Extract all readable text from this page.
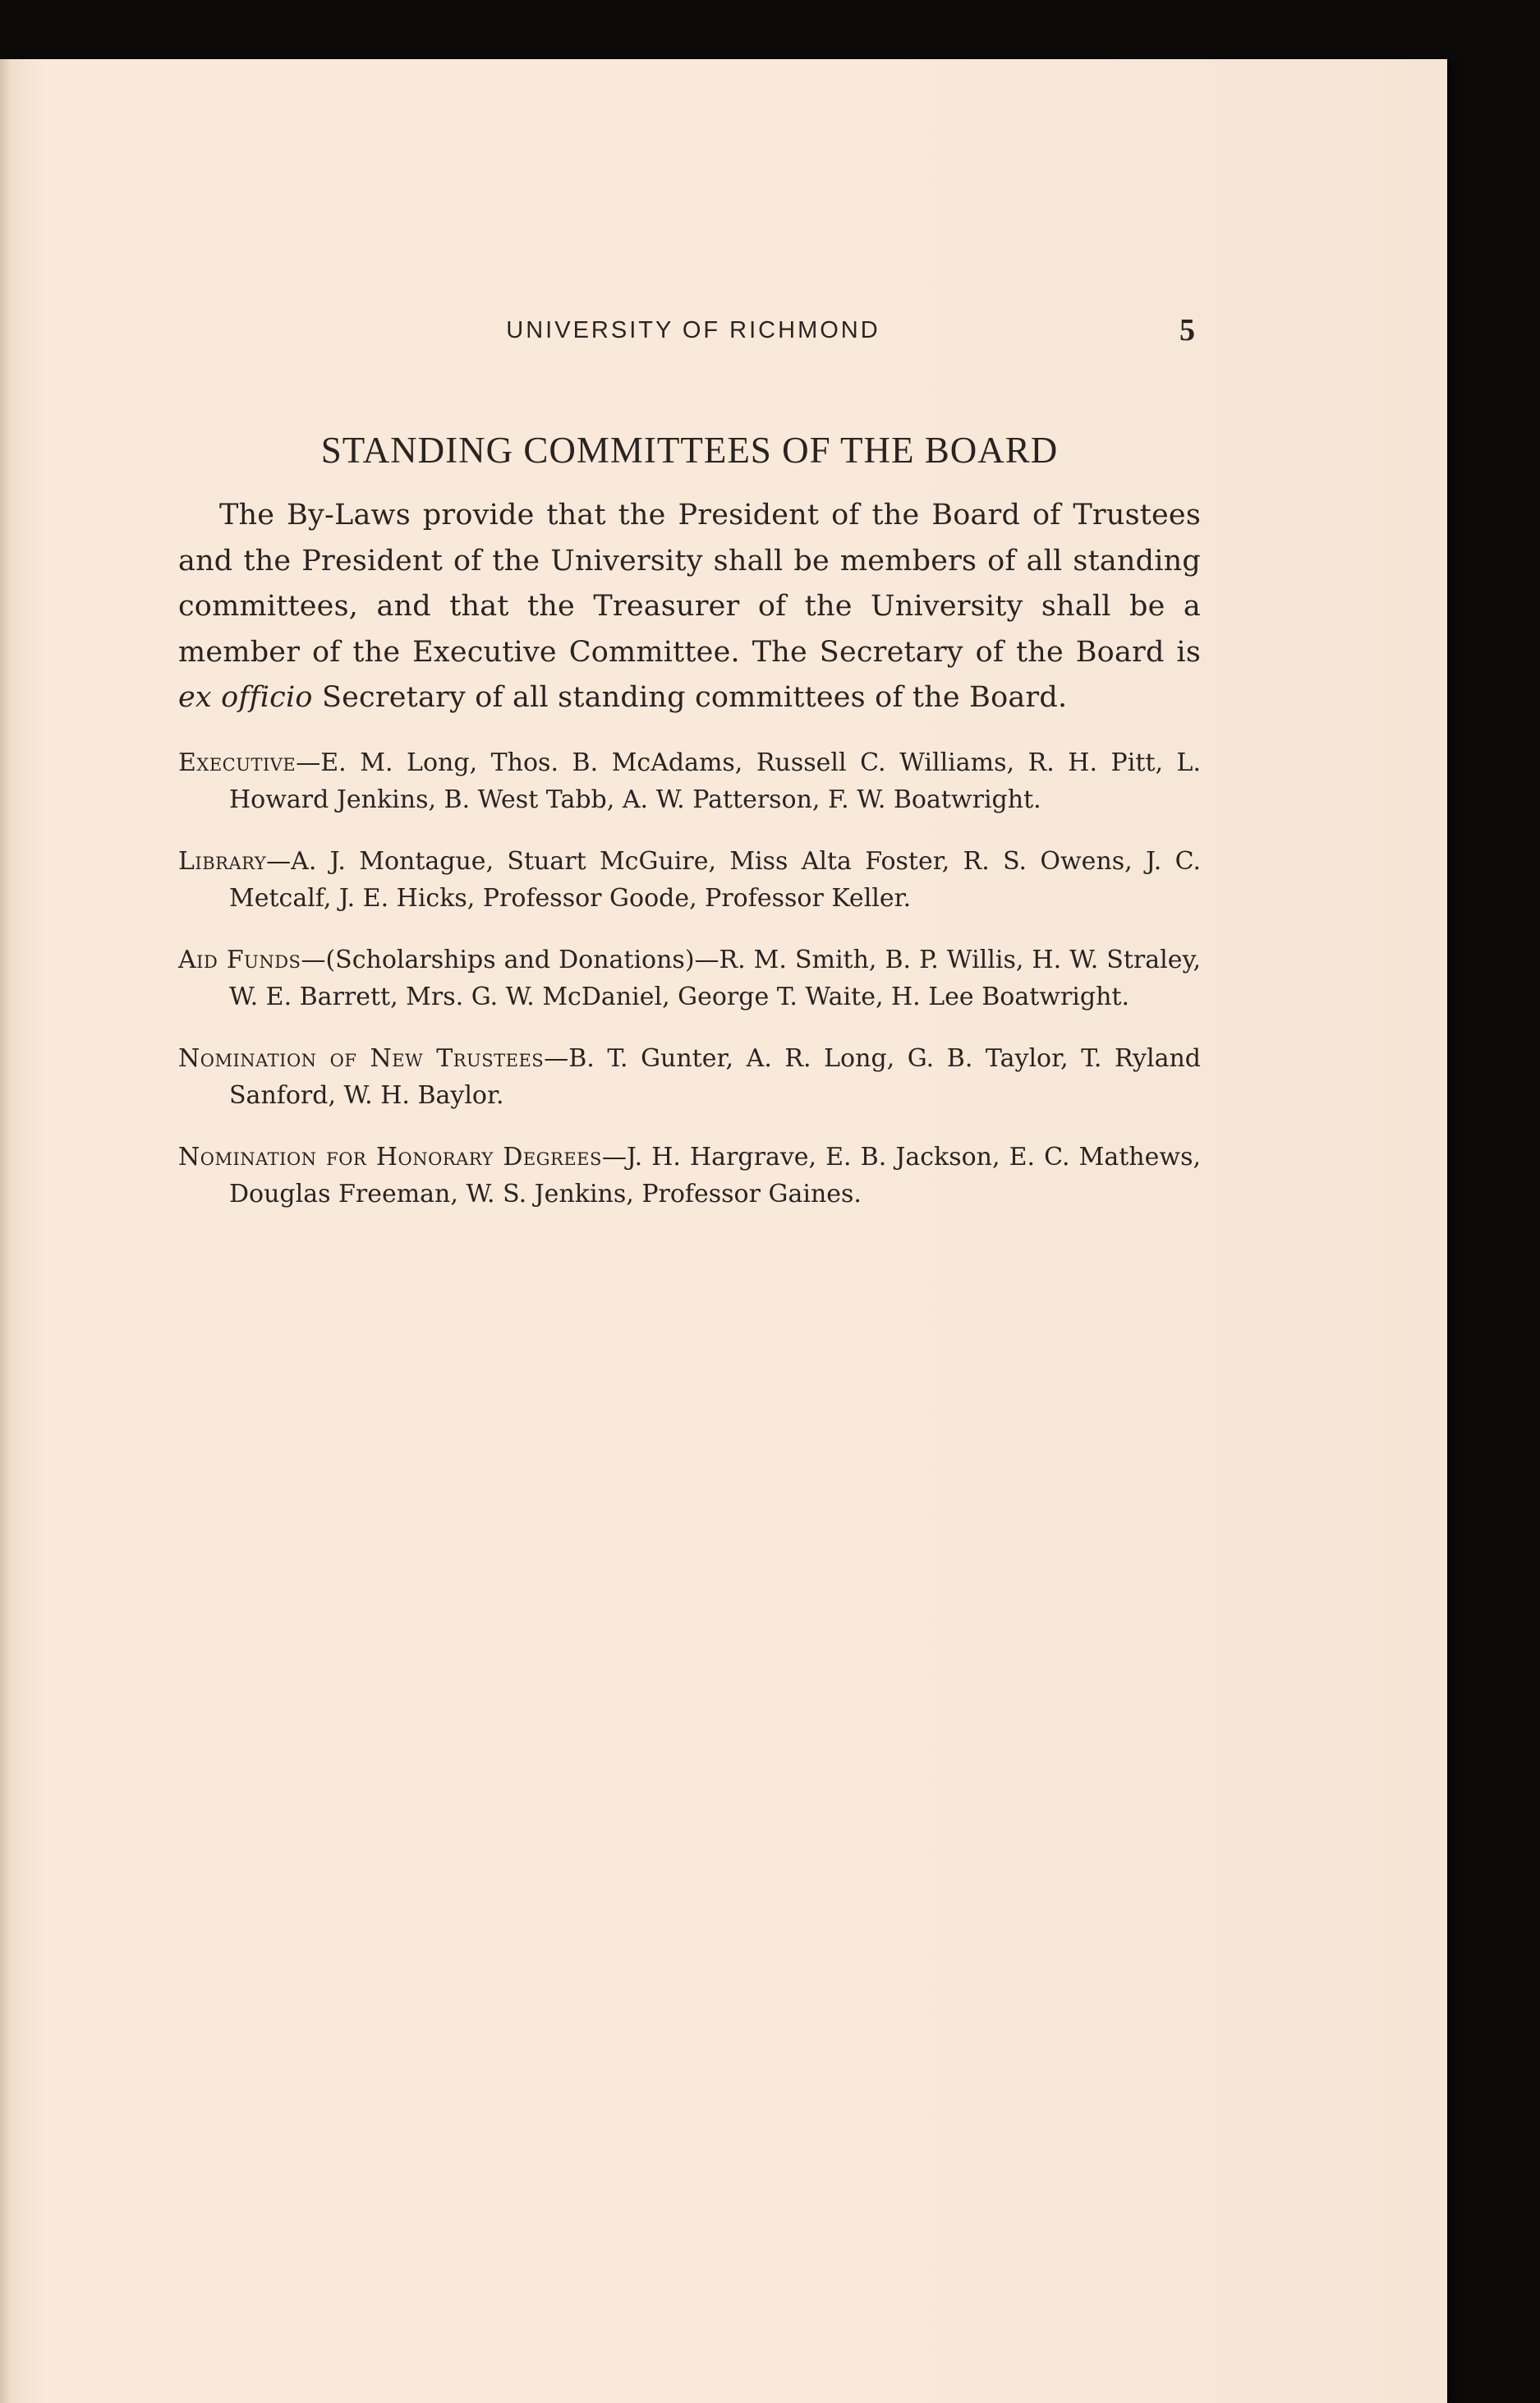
UNIVERSITY OF RICHMOND	5
STANDING COMMITTEES OF THE BOARD

The By-Laws provide that the President of the Board of Trustees and the President of the University shall be members of all standing committees, and that the Treasurer of the University shall be a member of the Executive Committee. The Secretary of the Board is ex officio Secretary of all standing committees of the Board.

Executive—E. M. Long, Thos. B. McAdams, Russell C. Williams, R. H. Pitt, L. Howard Jenkins, B. West Tabb, A. W. Patterson, F. W. Boatwright.

Library—A. J. Montague, Stuart McGuire, Miss Alta Foster, R. S. Owens, J. C. Metcalf, J. E. Hicks, Professor Goode, Professor Keller.

Aid Funds—(Scholarships and Donations)—R. M. Smith, B. P. Willis, H. W. Straley, W. E. Barrett, Mrs. G. W. McDaniel, George T. Waite, H. Lee Boatwright.

Nomination of New Trustees—B. T. Gunter, A. R. Long, G. B. Taylor, T. Ryland Sanford, W. H. Baylor.

Nomination for Honorary Degrees—J. H. Hargrave, E. B. Jackson, E. C. Mathews, Douglas Freeman, W. S. Jenkins, Professor Gaines.
